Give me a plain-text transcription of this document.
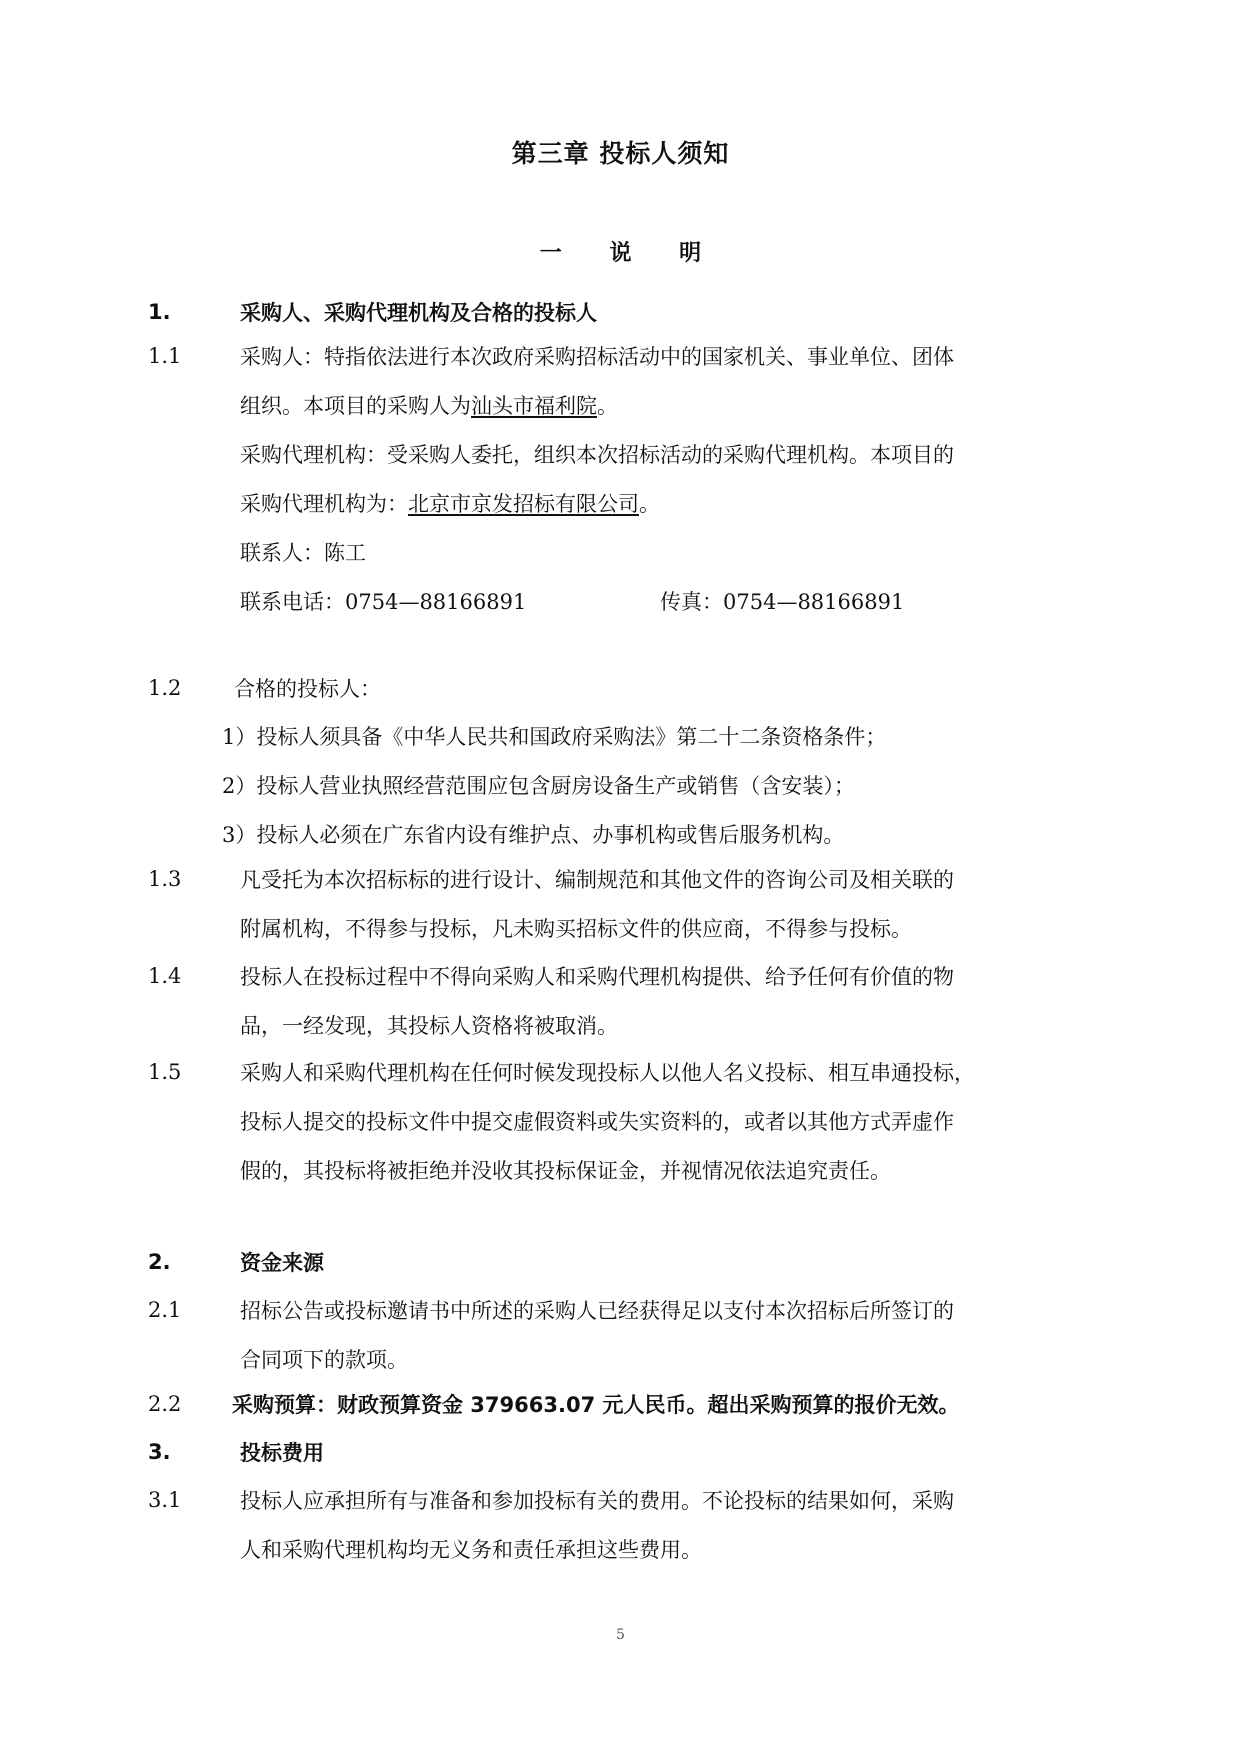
第三章 投标人须知
一 说 明
1.	采购人、采购代理机构及合格的投标人
1.1	采购人：特指依法进行本次政府采购招标活动中的国家机关、事业单位、团体
组织。本项目的采购人为汕头市福利院。
采购代理机构：受采购人委托，组织本次招标活动的采购代理机构。本项目的
采购代理机构为：北京市京发招标有限公司。
联系人：陈工
联系电话：0754—88166891	传真：0754—88166891
1.2	合格的投标人：
1）投标人须具备《中华人民共和国政府采购法》第二十二条资格条件；
2）投标人营业执照经营范围应包含厨房设备生产或销售（含安装）；
3）投标人必须在广东省内设有维护点、办事机构或售后服务机构。
1.3	凡受托为本次招标标的进行设计、编制规范和其他文件的咨询公司及相关联的
附属机构，不得参与投标，凡未购买招标文件的供应商，不得参与投标。
1.4	投标人在投标过程中不得向采购人和采购代理机构提供、给予任何有价值的物
品，一经发现，其投标人资格将被取消。
1.5	采购人和采购代理机构在任何时候发现投标人以他人名义投标、相互串通投标，
投标人提交的投标文件中提交虚假资料或失实资料的，或者以其他方式弄虚作
假的，其投标将被拒绝并没收其投标保证金，并视情况依法追究责任。
2.	资金来源
2.1	招标公告或投标邀请书中所述的采购人已经获得足以支付本次招标后所签订的
合同项下的款项。
2.2 采购预算：财政预算资金 379663.07 元人民币。超出采购预算的报价无效。
3.	投标费用
3.1	投标人应承担所有与准备和参加投标有关的费用。不论投标的结果如何，采购
人和采购代理机构均无义务和责任承担这些费用。
5
